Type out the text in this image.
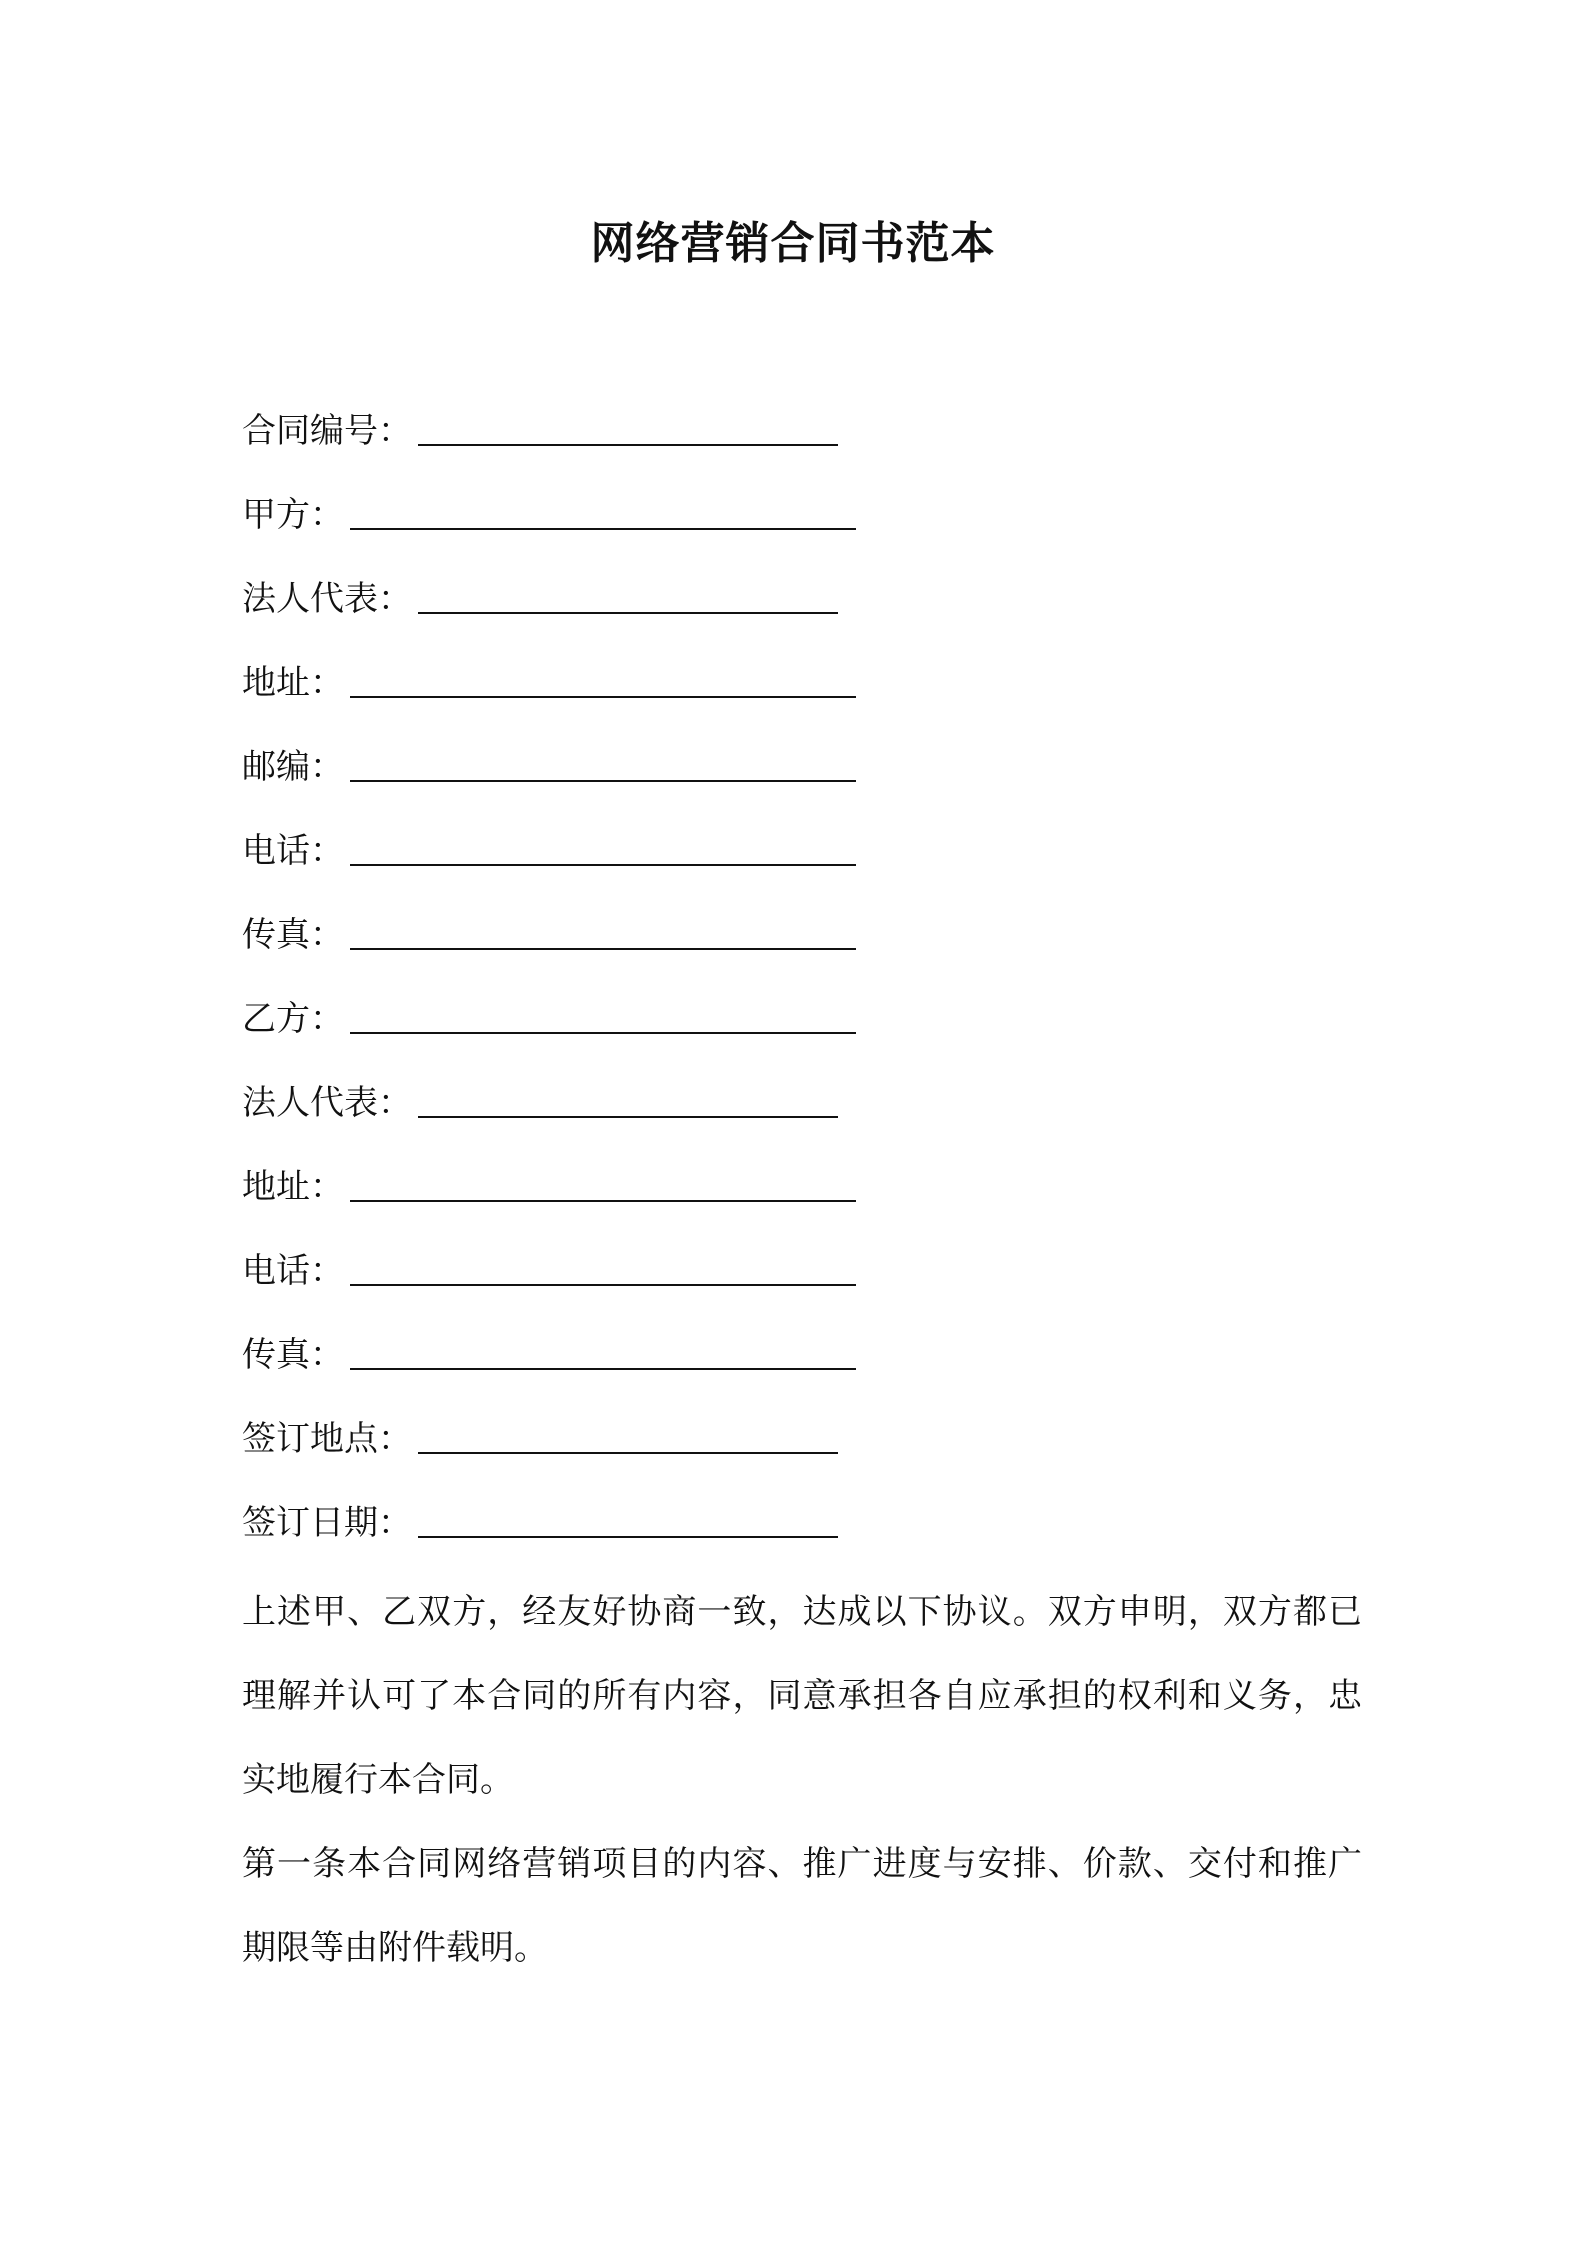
网络营销合同书范本
合同编号：
甲方：
法人代表：
地址：
邮编：
电话：
传真：
乙方：
法人代表：
地址：
电话：
传真：
签订地点：
签订日期：

上述甲、乙双方，经友好协商一致，达成以下协议。双方申明，双方都已理解并认可了本合同的所有内容，同意承担各自应承担的权利和义务，忠实地履行本合同。

第一条本合同网络营销项目的内容、推广进度与安排、价款、交付和推广期限等由附件载明。
